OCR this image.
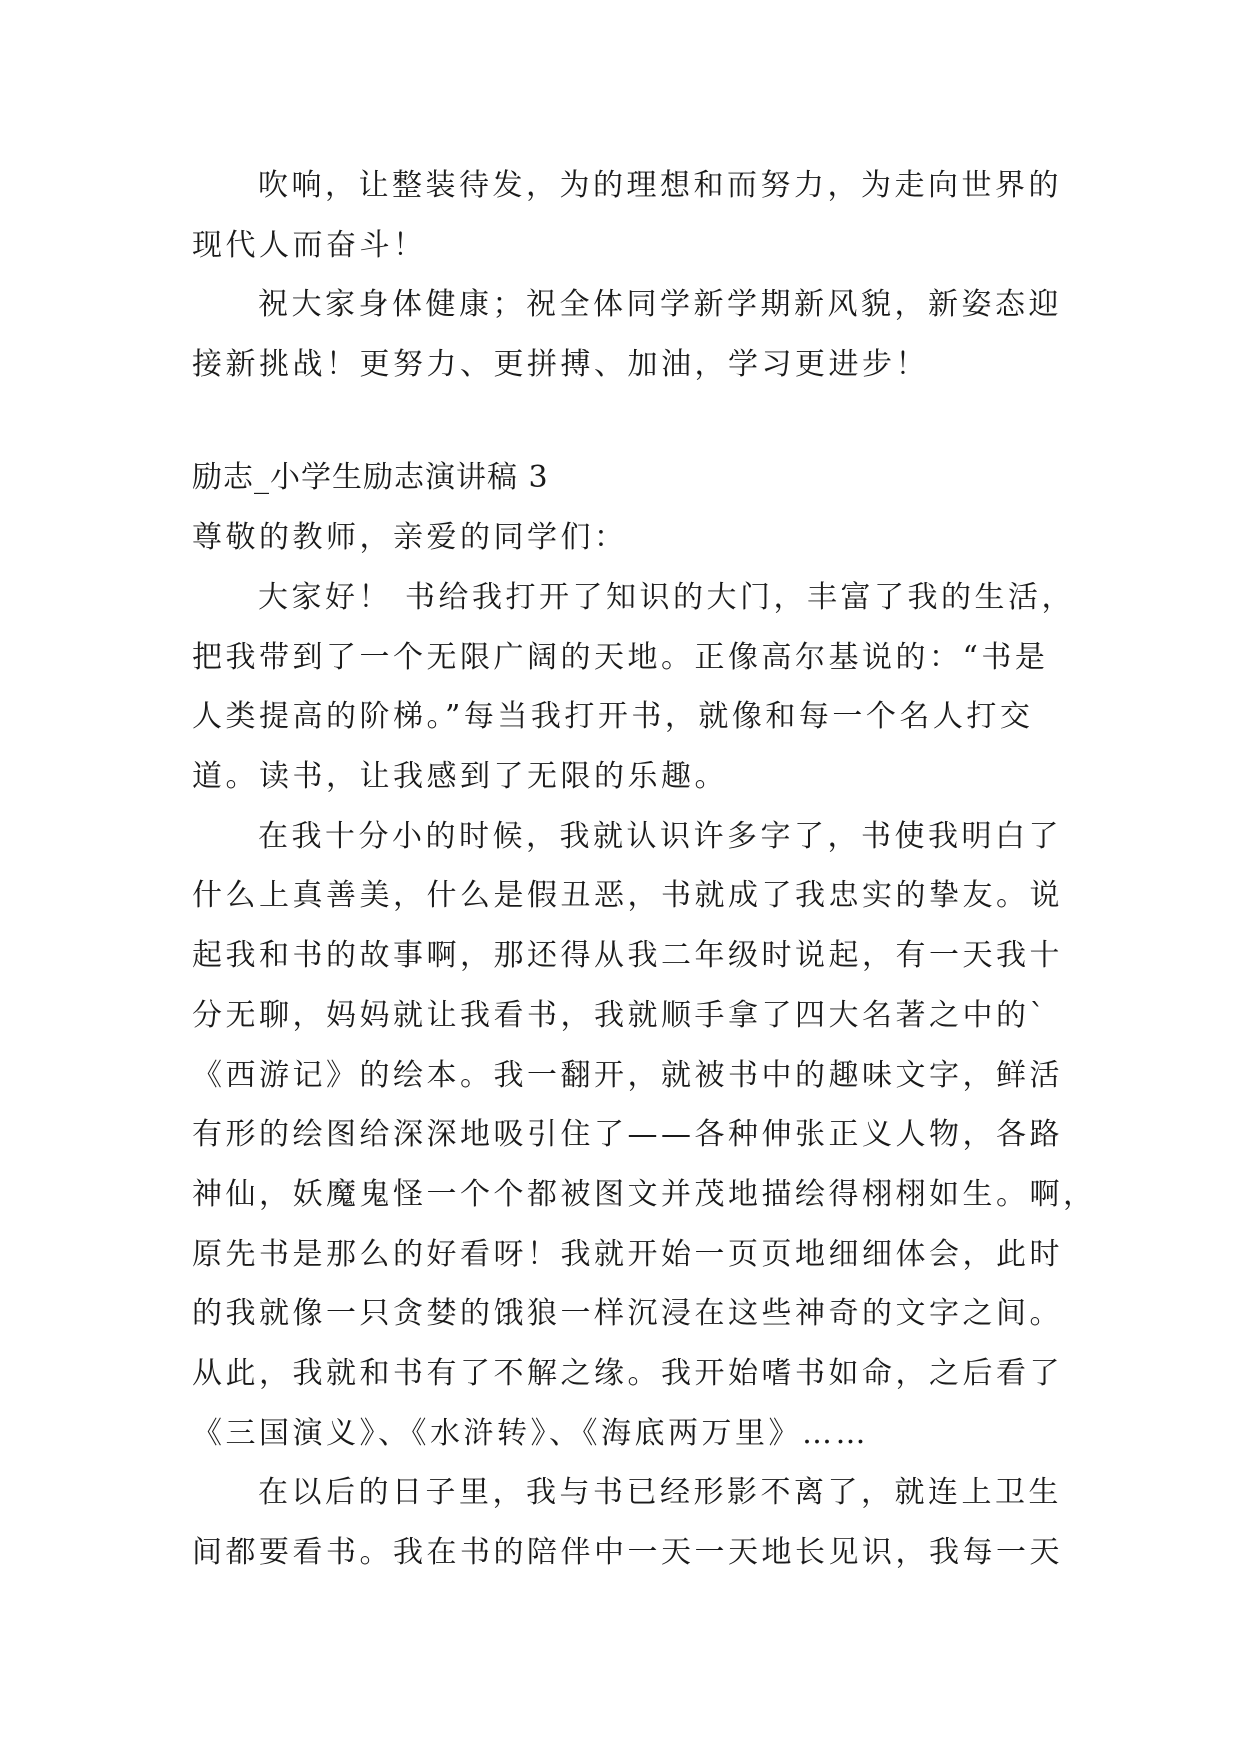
吹响，让整装待发，为的理想和而努力，为走向世界的
现代人而奋斗！
祝大家身体健康；祝全体同学新学期新风貌，新姿态迎
接新挑战！更努力、更拼搏、加油，学习更进步！
励志_小学生励志演讲稿 3
尊敬的教师，亲爱的同学们：
大家好！ 书给我打开了知识的大门，丰富了我的生活，
把我带到了一个无限广阔的天地。正像高尔基说的：“书是
人类提高的阶梯。”每当我打开书，就像和每一个名人打交
道。读书，让我感到了无限的乐趣。
在我十分小的时候，我就认识许多字了，书使我明白了
什么上真善美，什么是假丑恶，书就成了我忠实的挚友。说
起我和书的故事啊，那还得从我二年级时说起，有一天我十
分无聊，妈妈就让我看书，我就顺手拿了四大名著之中的`
《西游记》的绘本。我一翻开，就被书中的趣味文字，鲜活
有形的绘图给深深地吸引住了——各种伸张正义人物，各路
神仙，妖魔鬼怪一个个都被图文并茂地描绘得栩栩如生。啊，
原先书是那么的好看呀！我就开始一页页地细细体会，此时
的我就像一只贪婪的饿狼一样沉浸在这些神奇的文字之间。
从此，我就和书有了不解之缘。我开始嗜书如命，之后看了
《三国演义》、《水浒转》、《海底两万里》……
在以后的日子里，我与书已经形影不离了，就连上卫生
间都要看书。我在书的陪伴中一天一天地长见识，我每一天
